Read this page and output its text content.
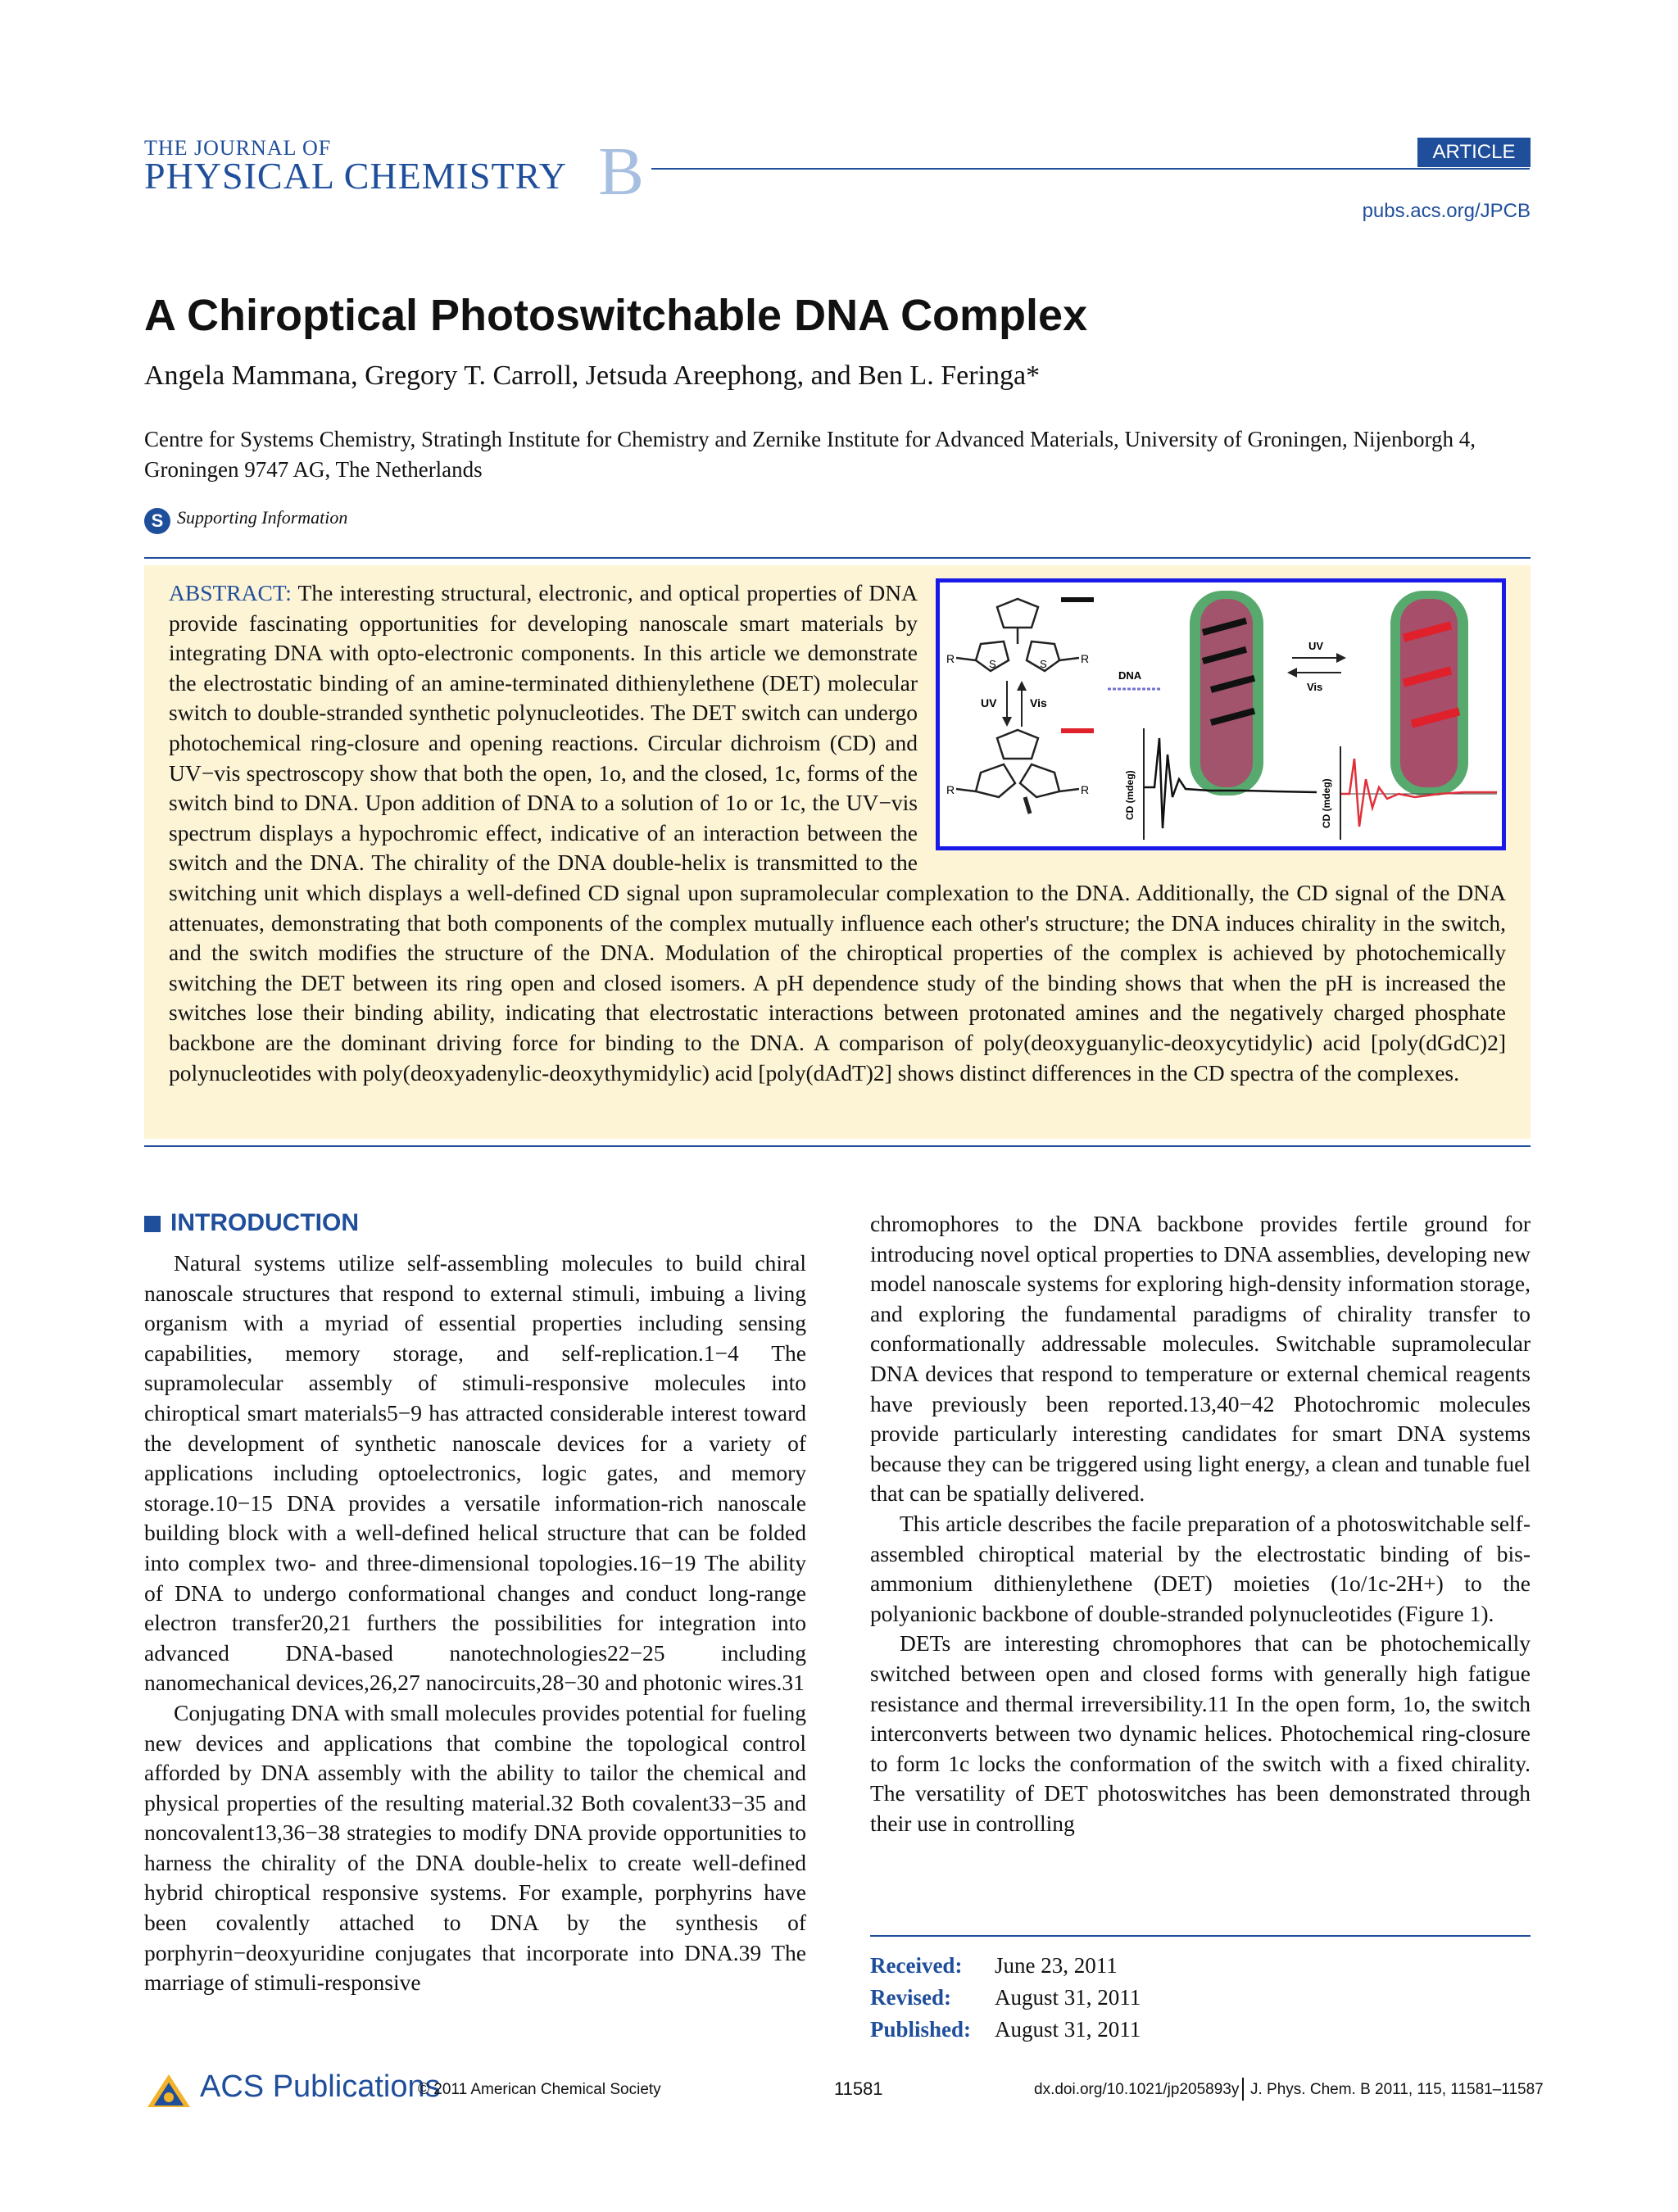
THE JOURNAL OF
PHYSICAL CHEMISTRY B	ARTICLE
pubs.acs.org/JPCB
A Chiroptical Photoswitchable DNA Complex
Angela Mammana, Gregory T. Carroll, Jetsuda Areephong, and Ben L. Feringa*
Centre for Systems Chemistry, Stratingh Institute for Chemistry and Zernike Institute for Advanced Materials, University of Groningen, Nijenborgh 4, Groningen 9747 AG, The Netherlands
S Supporting Information
R	R
S	S
UV	Vis
R	R
DNA
UV
Vis
CD (mdeg)	CD (mdeg)
ABSTRACT: The interesting structural, electronic, and optical properties of DNA provide fascinating opportunities for developing nanoscale smart materials by integrating DNA with opto-electronic components. In this article we demonstrate the electrostatic binding of an amine-terminated dithienylethene (DET) molecular switch to double-stranded synthetic polynucleotides. The DET switch can undergo photochemical ring-closure and opening reactions. Circular dichroism (CD) and UV−vis spectroscopy show that both the open, 1o, and the closed, 1c, forms of the switch bind to DNA. Upon addition of DNA to a solution of 1o or 1c, the UV−vis spectrum displays a hypochromic effect, indicative of an interaction between the switch and the DNA. The chirality of the DNA double-helix is transmitted to the switching unit which displays a well-defined CD signal upon supramolecular complexation to the DNA. Additionally, the CD signal of the DNA attenuates, demonstrating that both components of the complex mutually influence each other's structure; the DNA induces chirality in the switch, and the switch modifies the structure of the DNA. Modulation of the chiroptical properties of the complex is achieved by photochemically switching the DET between its ring open and closed isomers. A pH dependence study of the binding shows that when the pH is increased the switches lose their binding ability, indicating that electrostatic interactions between protonated amines and the negatively charged phosphate backbone are the dominant driving force for binding to the DNA. A comparison of poly(deoxyguanylic-deoxycytidylic) acid [poly(dGdC)2] polynucleotides with poly(deoxyadenylic-deoxythymidylic) acid [poly(dAdT)2] shows distinct differences in the CD spectra of the complexes.
INTRODUCTION

Natural systems utilize self-assembling molecules to build chiral nanoscale structures that respond to external stimuli, imbuing a living organism with a myriad of essential properties including sensing capabilities, memory storage, and self-replication.1−4 The supramolecular assembly of stimuli-responsive molecules into chiroptical smart materials5−9 has attracted considerable interest toward the development of synthetic nanoscale devices for a variety of applications including optoelectronics, logic gates, and memory storage.10−15 DNA provides a versatile information-rich nanoscale building block with a well-defined helical structure that can be folded into complex two- and three-dimensional topologies.16−19 The ability of DNA to undergo conformational changes and conduct long-range electron transfer20,21 furthers the possibilities for integration into advanced DNA-based nanotechnologies22−25 including nanomechanical devices,26,27 nanocircuits,28−30 and photonic wires.31

Conjugating DNA with small molecules provides potential for fueling new devices and applications that combine the topological control afforded by DNA assembly with the ability to tailor the chemical and physical properties of the resulting material.32 Both covalent33−35 and noncovalent13,36−38 strategies to modify DNA provide opportunities to harness the chirality of the DNA double-helix to create well-defined hybrid chiroptical responsive systems. For example, porphyrins have been covalently attached to DNA by the synthesis of porphyrin−deoxyuridine conjugates that incorporate into DNA.39 The marriage of stimuli-responsive

chromophores to the DNA backbone provides fertile ground for introducing novel optical properties to DNA assemblies, developing new model nanoscale systems for exploring high-density information storage, and exploring the fundamental paradigms of chirality transfer to conformationally addressable molecules. Switchable supramolecular DNA devices that respond to temperature or external chemical reagents have previously been reported.13,40−42 Photochromic molecules provide particularly interesting candidates for smart DNA systems because they can be triggered using light energy, a clean and tunable fuel that can be spatially delivered.

This article describes the facile preparation of a photoswitchable self-assembled chiroptical material by the electrostatic binding of bis-ammonium dithienylethene (DET) moieties (1o/1c-2H+) to the polyanionic backbone of double-stranded polynucleotides (Figure 1).

DETs are interesting chromophores that can be photochemically switched between open and closed forms with generally high fatigue resistance and thermal irreversibility.11 In the open form, 1o, the switch interconverts between two dynamic helices. Photochemical ring-closure to form 1c locks the conformation of the switch with a fixed chirality. The versatility of DET photoswitches has been demonstrated through their use in controlling

Received: June 23, 2011
Revised: August 31, 2011
Published: August 31, 2011
ACS Publications
© 2011 American Chemical Society	11581	dx.doi.org/10.1021/jp205893y J. Phys. Chem. B 2011, 115, 11581–11587
